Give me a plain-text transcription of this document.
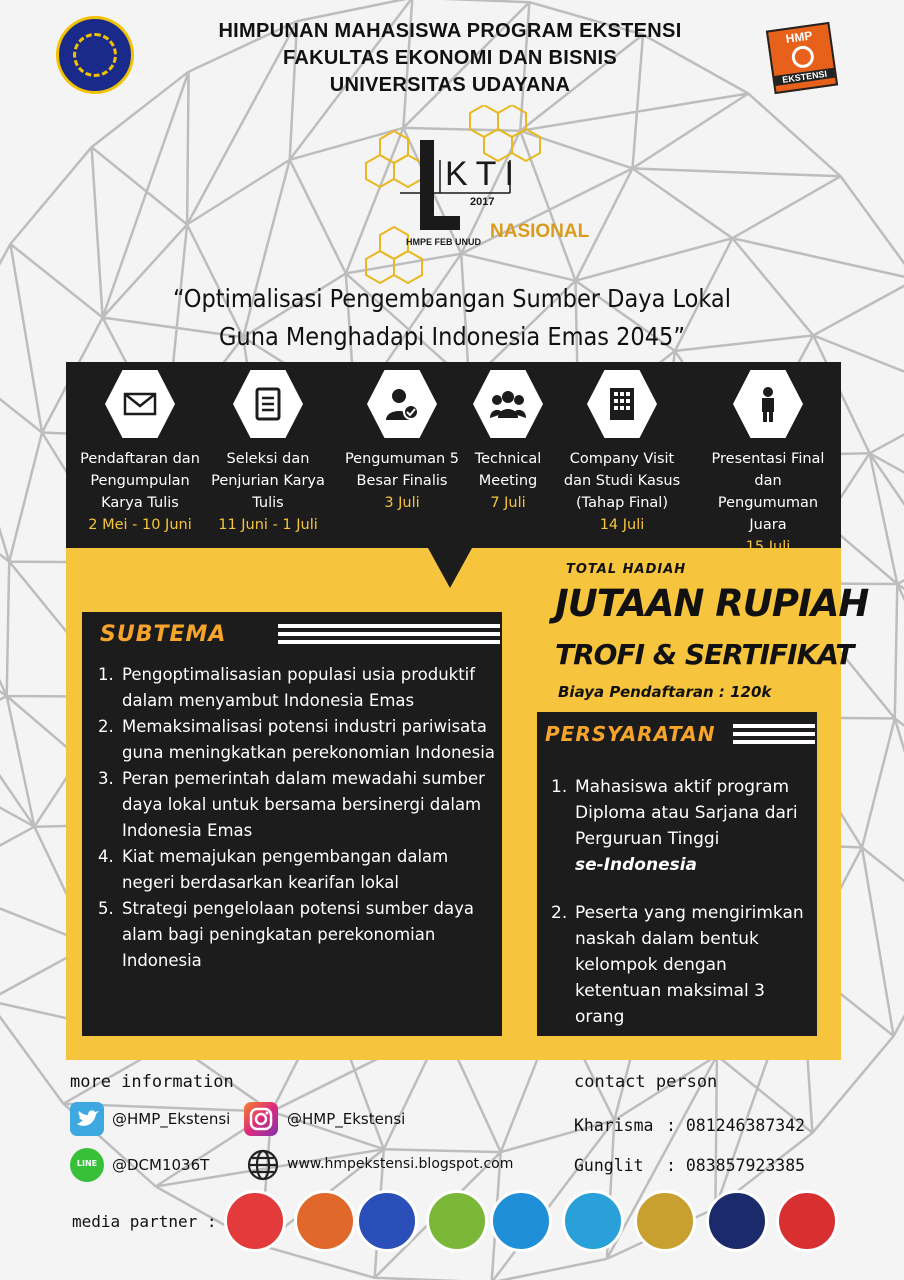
HMP
EKSTENSI
HIMPUNAN MAHASISWA PROGRAM EKSTENSI
FAKULTAS EKONOMI DAN BISNIS
UNIVERSITAS UDAYANA
KTI
2017
HMPE FEB UNUD NASIONAL
“Optimalisasi Pengembangan Sumber Daya Lokal
Guna Menghadapi Indonesia Emas 2045”
Pendaftaran dan Pengumpulan Karya Tulis
2 Mei - 10 Juni
Seleksi dan Penjurian Karya Tulis
11 Juni - 1 Juli
Pengumuman 5 Besar Finalis
3 Juli
Technical Meeting
7 Juli
Company Visit dan Studi Kasus (Tahap Final)
14 Juli
Presentasi Final dan Pengumuman Juara
15 Juli
SUBTEMA
1. Pengoptimalisasian populasi usia produktif dalam menyambut Indonesia Emas
2. Memaksimalisasi potensi industri pariwisata guna meningkatkan perekonomian Indonesia
3. Peran pemerintah dalam mewadahi sumber daya lokal untuk bersama bersinergi dalam Indonesia Emas
4. Kiat memajukan pengembangan dalam negeri berdasarkan kearifan lokal
5. Strategi pengelolaan potensi sumber daya alam bagi peningkatan perekonomian Indonesia
TOTAL HADIAH
JUTAAN RUPIAH
TROFI & SERTIFIKAT
Biaya Pendaftaran : 120k
PERSYARATAN
1. Mahasiswa aktif program Diploma atau Sarjana dari Perguruan Tinggi
se-Indonesia
2. Peserta yang mengirimkan naskah dalam bentuk kelompok dengan ketentuan maksimal 3 orang
more information
@HMP_Ekstensi	@HMP_Ekstensi
LINE @DCM1036T	www.hmpekstensi.blogspot.com
contact person
Kharisma : 081246387342
Gunglit : 083857923385
media partner :
